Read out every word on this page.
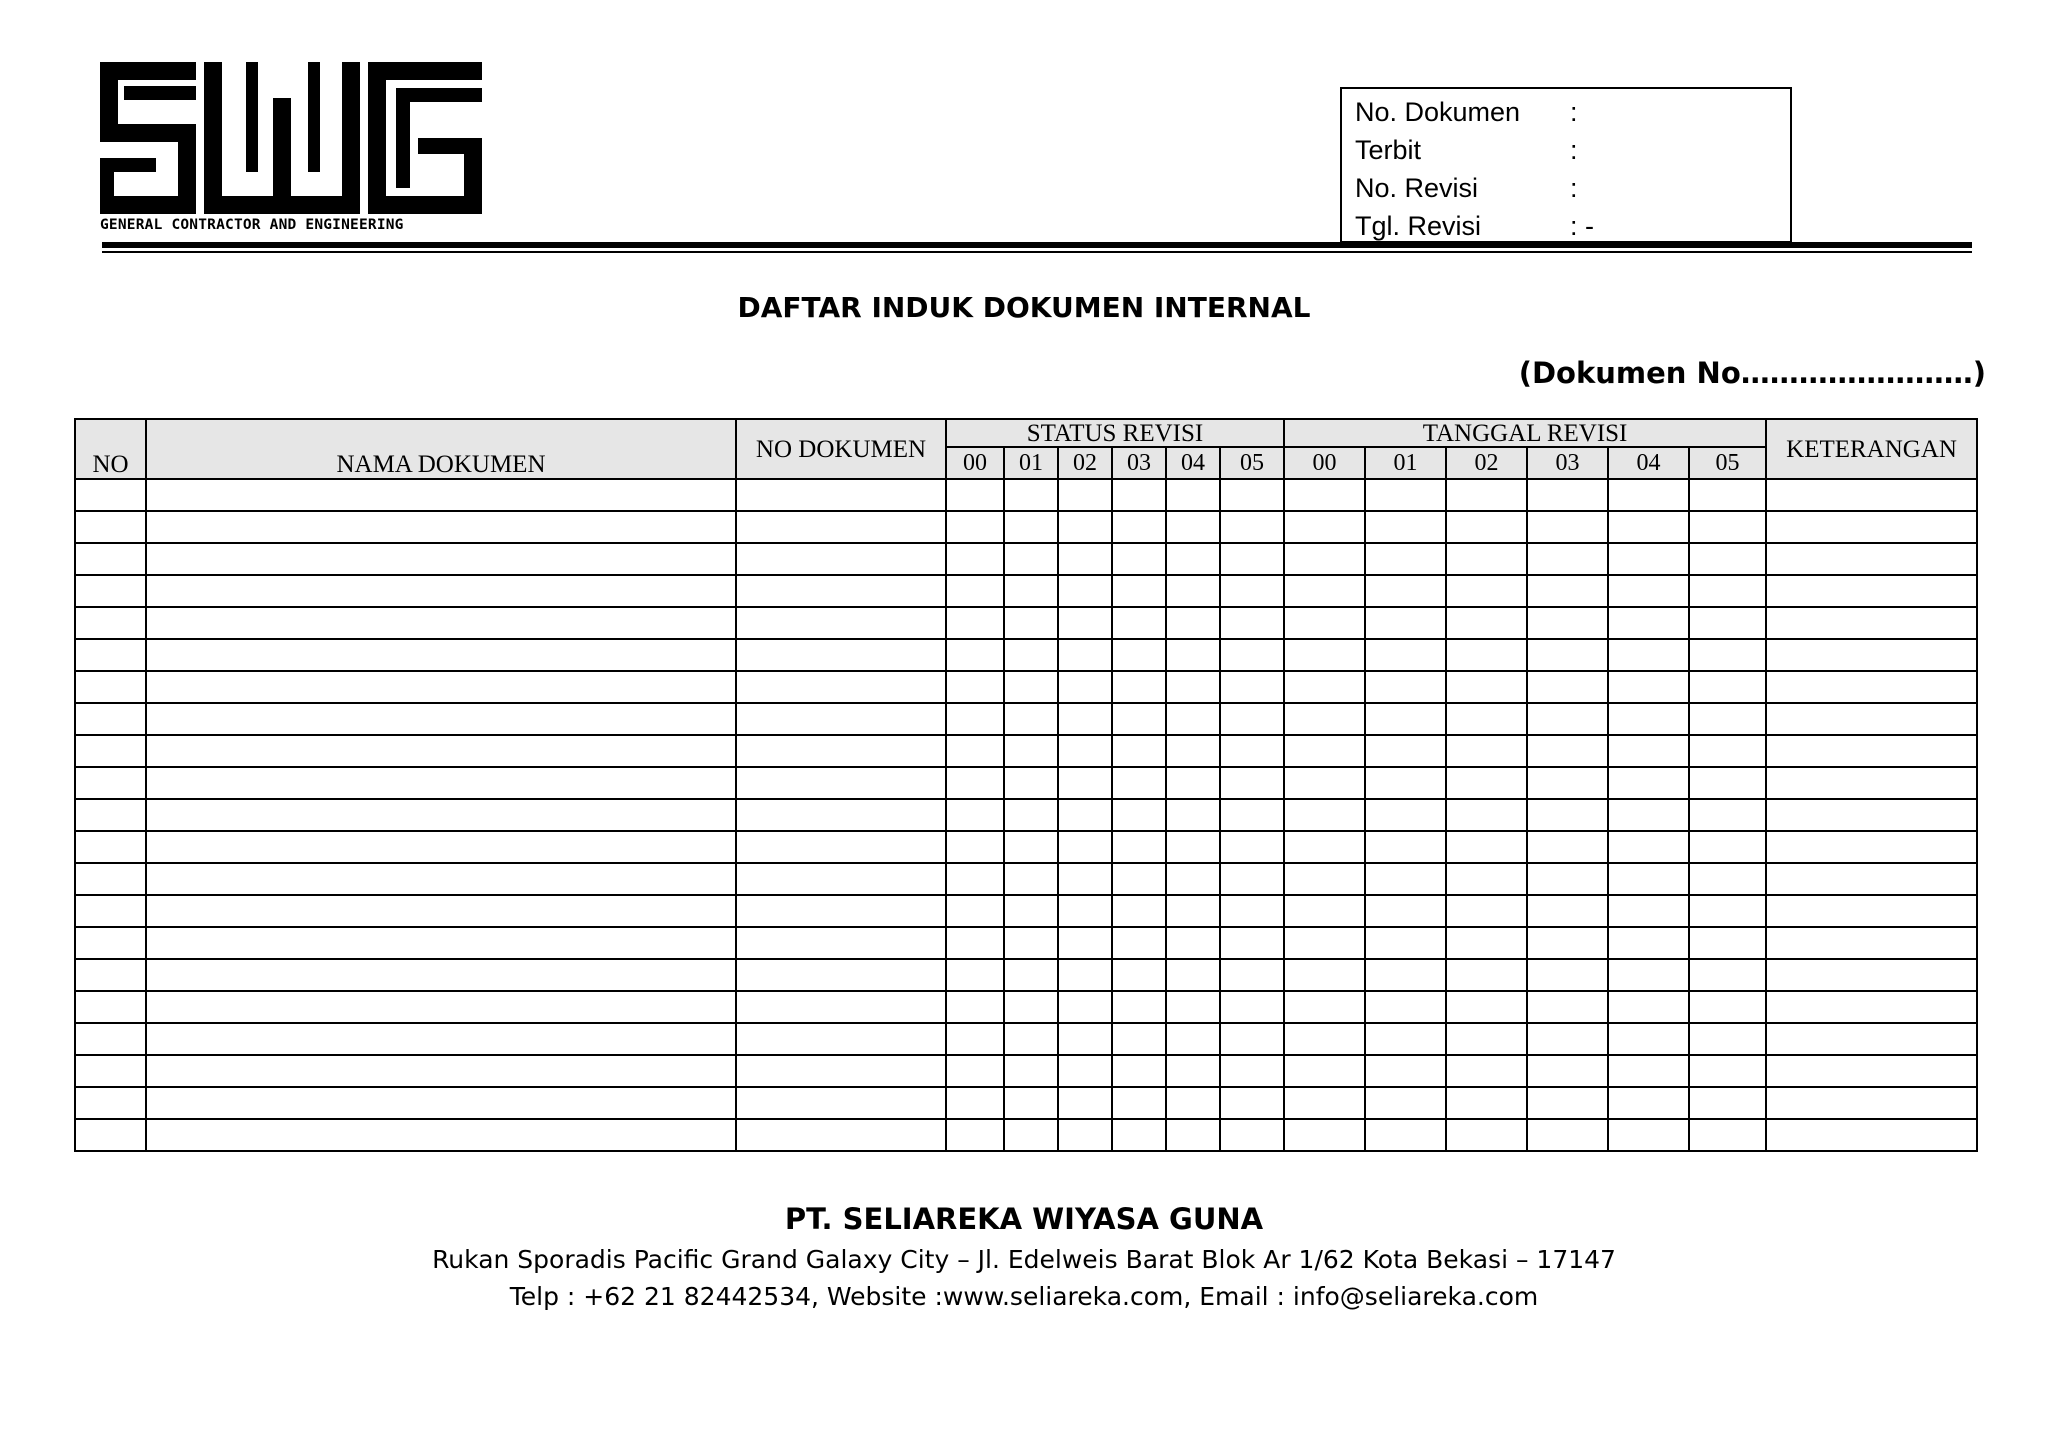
GENERAL CONTRACTOR AND ENGINEERING
No. Dokumen :
Terbit	:
No. Revisi	:
Tgl. Revisi	: -
DAFTAR INDUK DOKUMEN INTERNAL
(Dokumen No……………………)
NO	NAMA DOKUMEN	NO DOKUMEN	STATUS REVISI						TANGGAL REVISI						KETERANGAN
			00	01	02	03	04	05	00	01	02	03	04	05	

PT. SELIAREKA WIYASA GUNA
Rukan Sporadis Pacific Grand Galaxy City – Jl. Edelweis Barat Blok Ar 1/62 Kota Bekasi – 17147
Telp : +62 21 82442534, Website :www.seliareka.com, Email : info@seliareka.com
